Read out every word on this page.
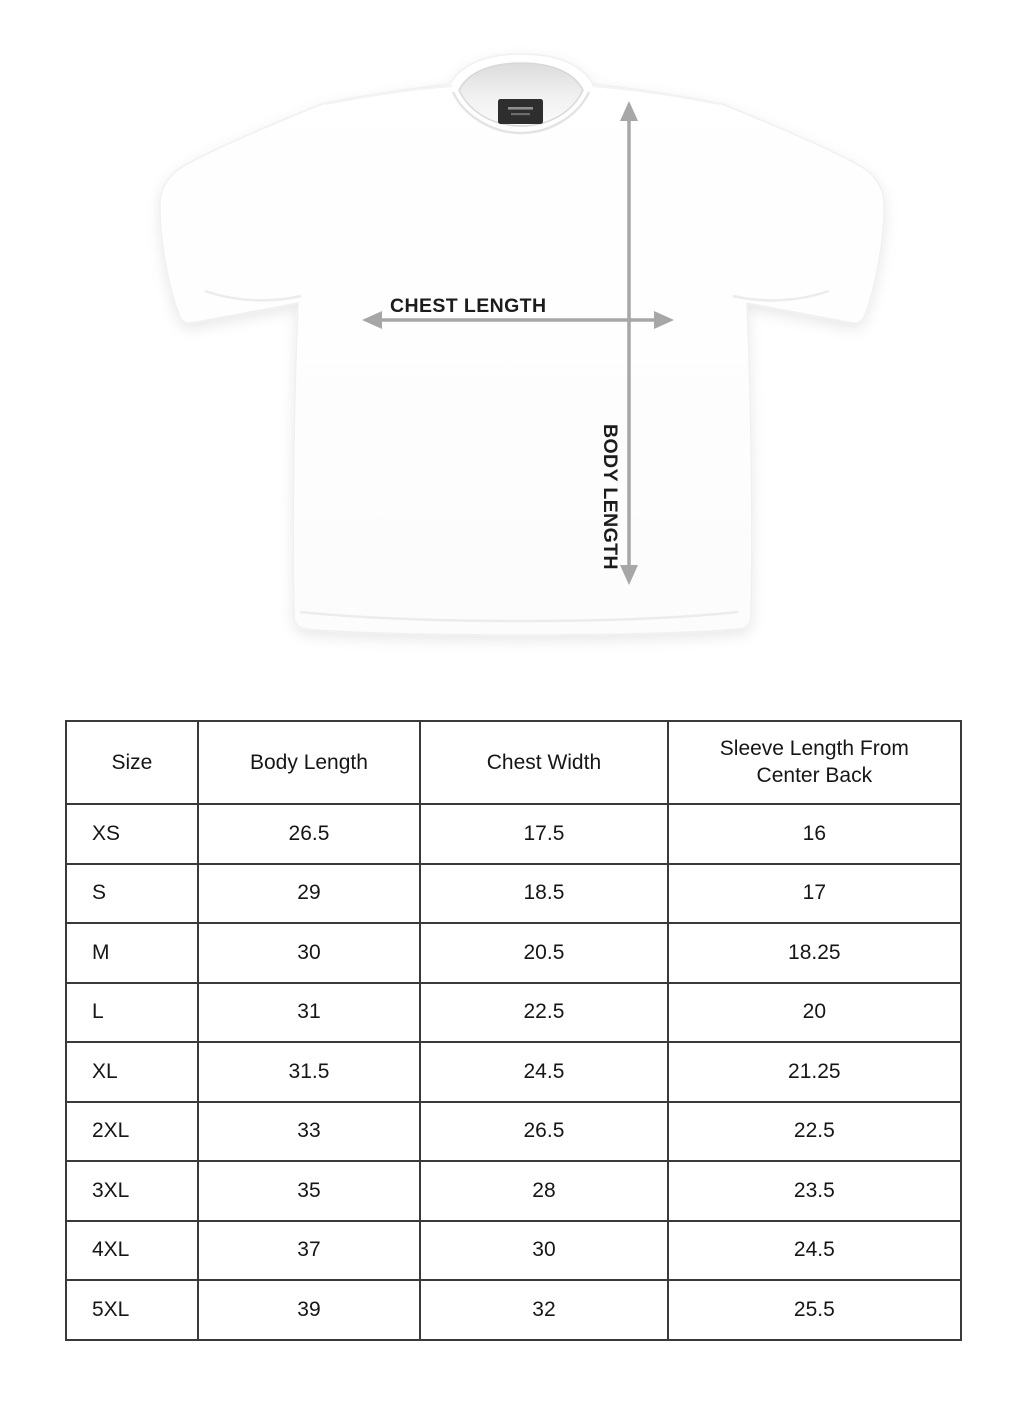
CHEST LENGTH
BODY LENGTH
Size	Body Length	Chest Width	Sleeve Length From Center Back

XS	26.5	17.5	16
S	29	18.5	17
M	30	20.5	18.25
L	31	22.5	20
XL	31.5	24.5	21.25
2XL	33	26.5	22.5
3XL	35	28	23.5
4XL	37	30	24.5
5XL	39	32	25.5
